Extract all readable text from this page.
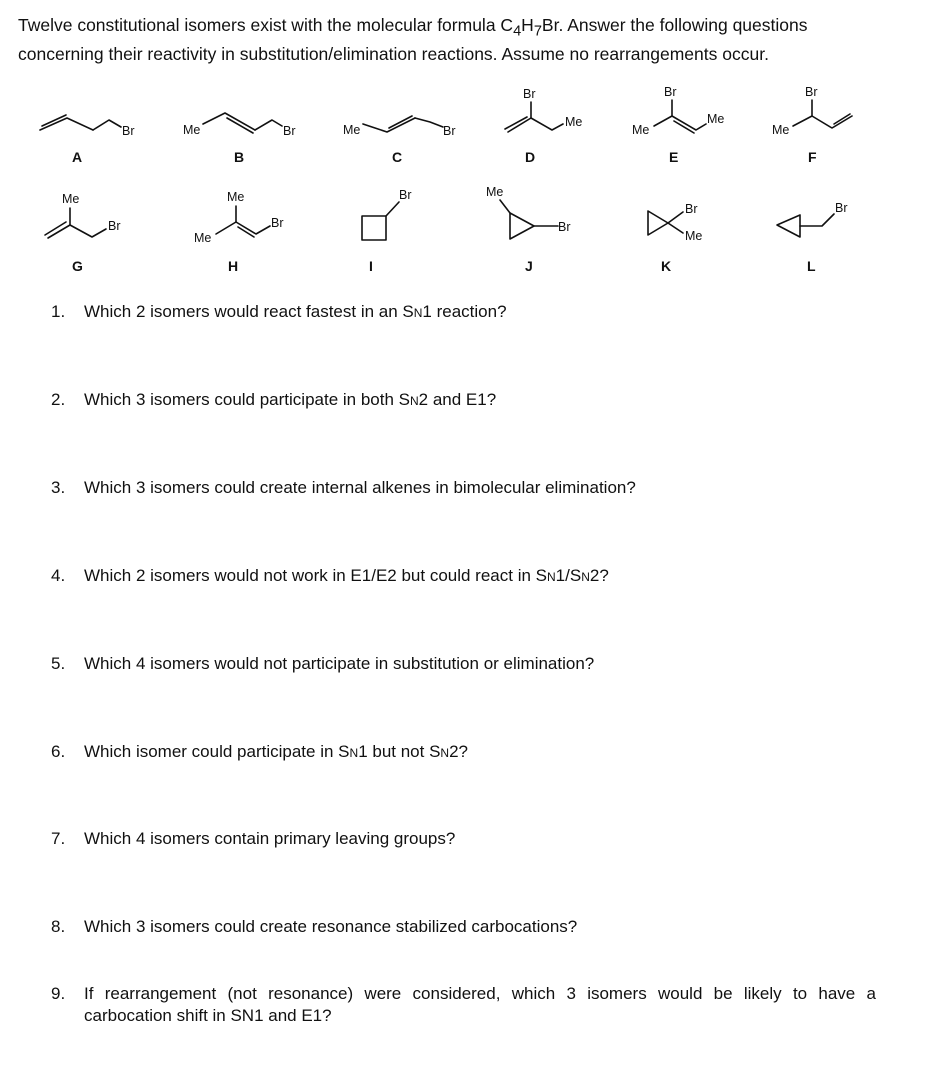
Twelve constitutional isomers exist with the molecular formula $C_4H_7Br$. Answer the following questions
concerning their reactivity in substitution/elimination reactions. Assume no rearrangements occur.
Br
A
Me	Br
B
Me	Br
C
Br
Me
D
Br
Me
Me
E
Br
Me
F
Me
Br
G
Me
Me
Br
H
Br
I
Me
Br
J
Br
Me
K
Br
L
1. Which 2 isomers would react fastest in an SN1 reaction?
2. Which 3 isomers could participate in both SN2 and E1?
3. Which 3 isomers could create internal alkenes in bimolecular elimination?
4. Which 2 isomers would not work in E1/E2 but could react in SN1/SN2?
5. Which 4 isomers would not participate in substitution or elimination?
6. Which isomer could participate in SN1 but not SN2?
7. Which 4 isomers contain primary leaving groups?
8. Which 3 isomers could create resonance stabilized carbocations?
9. If rearrangement (not resonance) were considered, which 3 isomers would be likely to have a carbocation shift in SN1 and E1?
